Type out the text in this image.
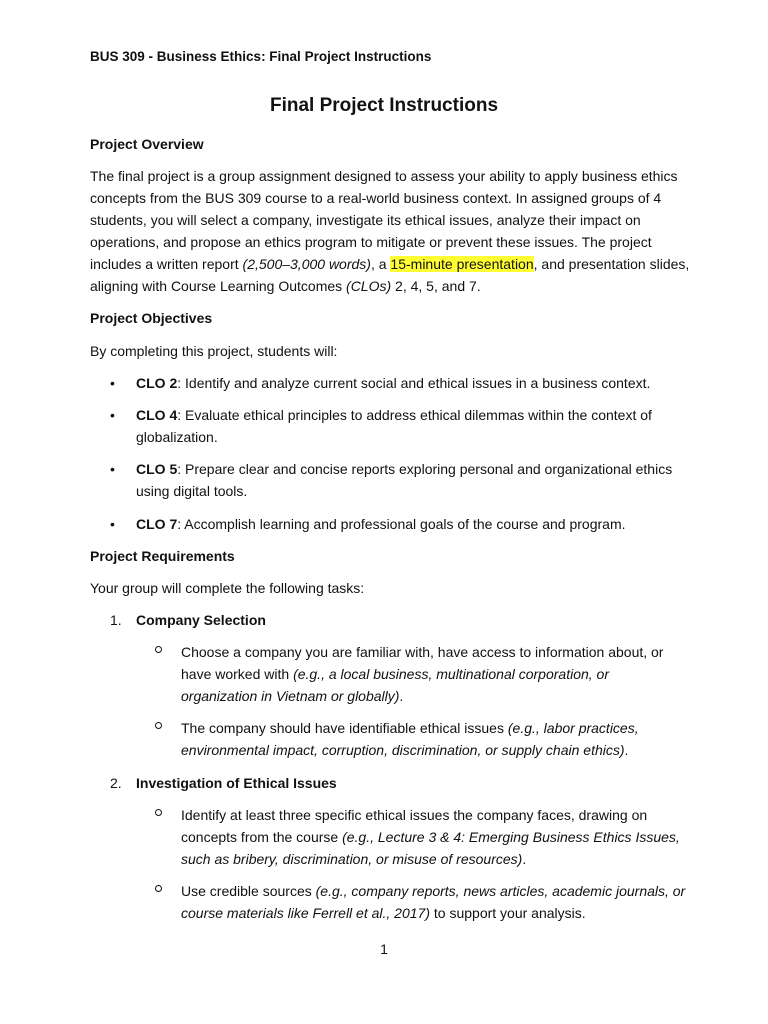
BUS 309 - Business Ethics: Final Project Instructions
Final Project Instructions
Project Overview
The final project is a group assignment designed to assess your ability to apply business ethics concepts from the BUS 309 course to a real-world business context. In assigned groups of 4 students, you will select a company, investigate its ethical issues, analyze their impact on operations, and propose an ethics program to mitigate or prevent these issues. The project includes a written report (2,500–3,000 words), a 15-minute presentation, and presentation slides, aligning with Course Learning Outcomes (CLOs) 2, 4, 5, and 7.
Project Objectives
By completing this project, students will:
• CLO 2: Identify and analyze current social and ethical issues in a business context.
• CLO 4: Evaluate ethical principles to address ethical dilemmas within the context of globalization.
• CLO 5: Prepare clear and concise reports exploring personal and organizational ethics using digital tools.
• CLO 7: Accomplish learning and professional goals of the course and program.
Project Requirements
Your group will complete the following tasks:
1. Company Selection
Choose a company you are familiar with, have access to information about, or have worked with (e.g., a local business, multinational corporation, or organization in Vietnam or globally).
The company should have identifiable ethical issues (e.g., labor practices, environmental impact, corruption, discrimination, or supply chain ethics).
2. Investigation of Ethical Issues
Identify at least three specific ethical issues the company faces, drawing on concepts from the course (e.g., Lecture 3 & 4: Emerging Business Ethics Issues, such as bribery, discrimination, or misuse of resources).
Use credible sources (e.g., company reports, news articles, academic journals, or course materials like Ferrell et al., 2017) to support your analysis.
1
